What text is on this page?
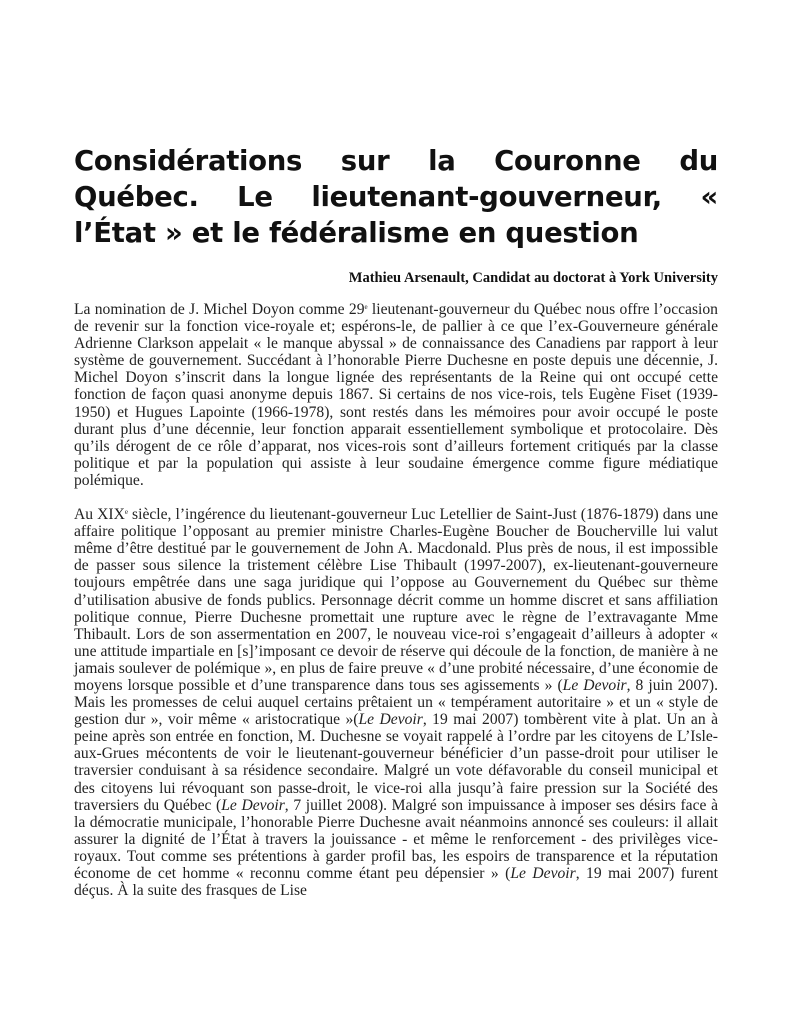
Considérations sur la Couronne du Québec. Le lieutenant-gouverneur, « l’État » et le fédéralisme en question

Mathieu Arsenault, Candidat au doctorat à York University

La nomination de J. Michel Doyon comme 29e lieutenant-gouverneur du Québec nous offre l’occasion de revenir sur la fonction vice-royale et; espérons-le, de pallier à ce que l’ex-Gouverneure générale Adrienne Clarkson appelait « le manque abyssal » de connaissance des Canadiens par rapport à leur système de gouvernement. Succédant à l’honorable Pierre Duchesne en poste depuis une décennie, J. Michel Doyon s’inscrit dans la longue lignée des représentants de la Reine qui ont occupé cette fonction de façon quasi anonyme depuis 1867. Si certains de nos vice-rois, tels Eugène Fiset (1939-1950) et Hugues Lapointe (1966-1978), sont restés dans les mémoires pour avoir occupé le poste durant plus d’une décennie, leur fonction apparait essentiellement symbolique et protocolaire. Dès qu’ils dérogent de ce rôle d’apparat, nos vices-rois sont d’ailleurs fortement critiqués par la classe politique et par la population qui assiste à leur soudaine émergence comme figure médiatique polémique.

Au XIXe siècle, l’ingérence du lieutenant-gouverneur Luc Letellier de Saint-Just (1876-1879) dans une affaire politique l’opposant au premier ministre Charles-Eugène Boucher de Boucherville lui valut même d’être destitué par le gouvernement de John A. Macdonald. Plus près de nous, il est impossible de passer sous silence la tristement célèbre Lise Thibault (1997-2007), ex-lieutenant-gouverneure toujours empêtrée dans une saga juridique qui l’oppose au Gouvernement du Québec sur thème d’utilisation abusive de fonds publics. Personnage décrit comme un homme discret et sans affiliation politique connue, Pierre Duchesne promettait une rupture avec le règne de l’extravagante Mme Thibault. Lors de son assermentation en 2007, le nouveau vice-roi s’engageait d’ailleurs à adopter « une attitude impartiale en [s]’imposant ce devoir de réserve qui découle de la fonction, de manière à ne jamais soulever de polémique », en plus de faire preuve « d’une probité nécessaire, d’une économie de moyens lorsque possible et d’une transparence dans tous ses agissements » (Le Devoir, 8 juin 2007). Mais les promesses de celui auquel certains prêtaient un « tempérament autoritaire » et un « style de gestion dur », voir même « aristocratique »(Le Devoir, 19 mai 2007) tombèrent vite à plat. Un an à peine après son entrée en fonction, M. Duchesne se voyait rappelé à l’ordre par les citoyens de L’Isle-aux-Grues mécontents de voir le lieutenant-gouverneur bénéficier d’un passe-droit pour utiliser le traversier conduisant à sa résidence secondaire. Malgré un vote défavorable du conseil municipal et des citoyens lui révoquant son passe-droit, le vice-roi alla jusqu’à faire pression sur la Société des traversiers du Québec (Le Devoir, 7 juillet 2008). Malgré son impuissance à imposer ses désirs face à la démocratie municipale, l’honorable Pierre Duchesne avait néanmoins annoncé ses couleurs: il allait assurer la dignité de l’État à travers la jouissance - et même le renforcement - des privilèges vice-royaux. Tout comme ses prétentions à garder profil bas, les espoirs de transparence et la réputation économe de cet homme « reconnu comme étant peu dépensier » (Le Devoir, 19 mai 2007) furent déçus. À la suite des frasques de Lise
